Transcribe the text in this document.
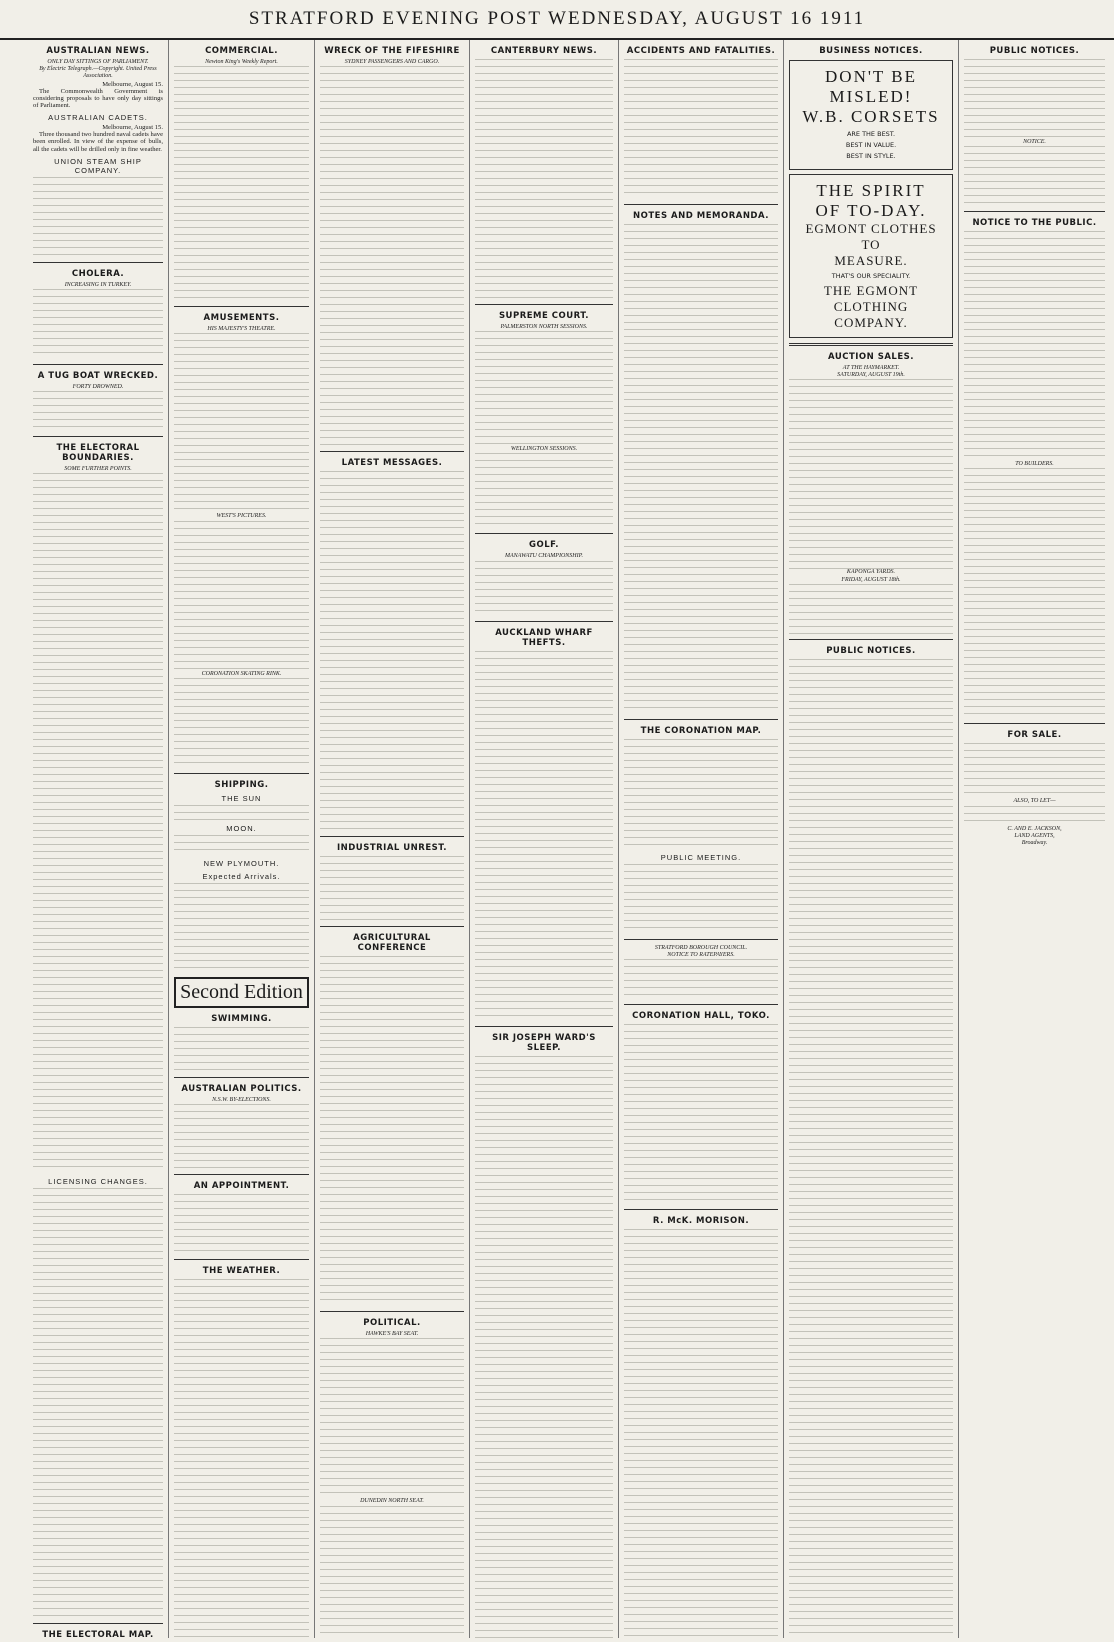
STRATFORD EVENING POST WEDNESDAY, AUGUST 16 1911
AUSTRALIAN NEWS.

ONLY DAY SITTINGS OF PARLIAMENT.

By Electric Telegraph.—Copyright. United Press Association.

Melbourne, August 15.

The Commonwealth Government is considering proposals to have only day sittings of Parliament.

AUSTRALIAN CADETS.
Melbourne, August 15.

Three thousand two hundred naval cadets have been enrolled. In view of the expense of bulls, all the cadets will be drilled only in fine weather.

UNION STEAM SHIP COMPANY.
CHOLERA.

INCREASING IN TURKEY.

A TUG BOAT WRECKED.

FORTY DROWNED.

THE ELECTORAL BOUNDARIES.

SOME FURTHER POINTS.

LICENSING CHANGES.
THE ELECTORAL MAP.
COMMERCIAL.

Newton King's Weekly Report.

AMUSEMENTS.

HIS MAJESTY'S THEATRE.

WEST'S PICTURES.

CORONATION SKATING RINK.

SHIPPING.
THE SUN
MOON.
NEW PLYMOUTH.
Expected Arrivals.
Second Edition
SWIMMING.
AUSTRALIAN POLITICS.

N.S.W. BY-ELECTIONS.

AN APPOINTMENT.
THE WEATHER.
WRECK OF THE FIFESHIRE

SYDNEY PASSENGERS AND CARGO.

LATEST MESSAGES.
INDUSTRIAL UNREST.
AGRICULTURAL CONFERENCE
POLITICAL.

HAWKE'S BAY SEAT.

DUNEDIN NORTH SEAT.

CANTERBURY NEWS.
SUPREME COURT.

PALMERSTON NORTH SESSIONS.

WELLINGTON SESSIONS.

GOLF.

MANAWATU CHAMPIONSHIP.

AUCKLAND WHARF THEFTS.
SIR JOSEPH WARD'S SLEEP.
ACCIDENTS AND FATALITIES.
NOTES AND MEMORANDA.
THE CORONATION MAP.
PUBLIC MEETING.

STRATFORD BOROUGH COUNCIL.

NOTICE TO RATEPAYERS.

CORONATION HALL, TOKO.
R. McK. MORISON.
BUSINESS NOTICES.
DON'T BE
MISLED!
W.B. CORSETS
ARE THE BEST.
BEST IN VALUE.
BEST IN STYLE.
THE SPIRIT
OF TO-DAY.
EGMONT CLOTHES TO
MEASURE.
THAT'S OUR SPECIALITY.
THE EGMONT CLOTHING
COMPANY.
AUCTION SALES.

AT THE HAYMARKET.

SATURDAY, AUGUST 19th.

KAPONGA YARDS.

FRIDAY, AUGUST 18th.

PUBLIC NOTICES.
PUBLIC NOTICES.

NOTICE.

NOTICE TO THE PUBLIC.

TO BUILDERS.

FOR SALE.

ALSO, TO LET—

C. AND E. JACKSON,

LAND AGENTS,

Broadway.
